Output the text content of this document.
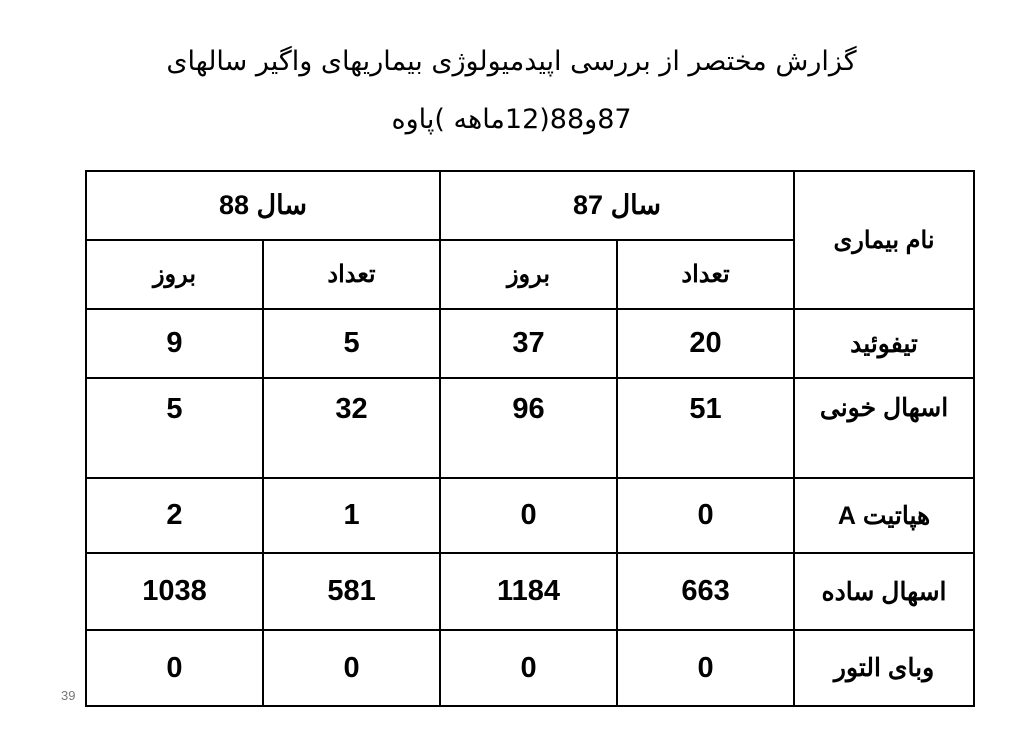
گزارش مختصر از بررسی اپیدمیولوژی بیماریهای واگیر سالهای
87و88(12ماهه )پاوه
سال 88		سال 87		نام بیماری
بروز	تعداد	بروز	تعداد	
9	5	37	20	تیفوئید
5	32	96	51	اسهال خونی
2	1	0	0	هپاتیت A
1038	581	1184	663	اسهال ساده
0	0	0	0	وبای التور
39
